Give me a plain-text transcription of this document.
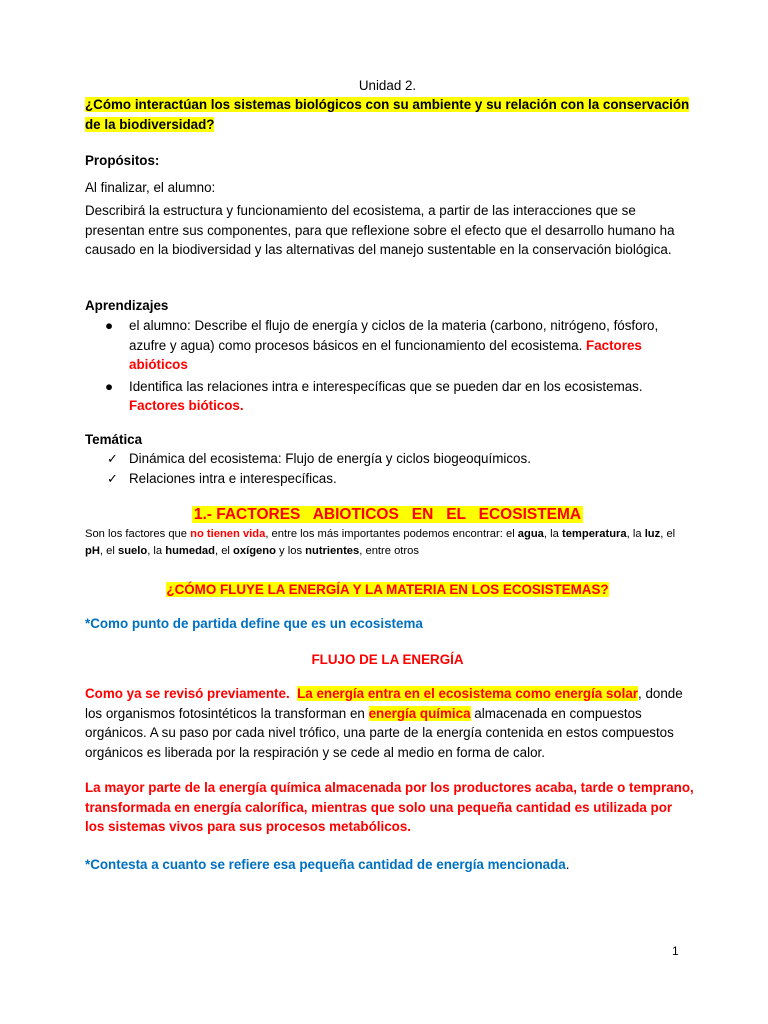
Unidad 2.
¿Cómo interactúan los sistemas biológicos con su ambiente y su relación con la conservación de la biodiversidad?
Propósitos:
Al finalizar, el alumno:
Describirá la estructura y funcionamiento del ecosistema, a partir de las interacciones que se presentan entre sus componentes, para que reflexione sobre el efecto que el desarrollo humano ha causado en la biodiversidad y las alternativas del manejo sustentable en la conservación biológica.
Aprendizajes
● el alumno: Describe el flujo de energía y ciclos de la materia (carbono, nitrógeno, fósforo, azufre y agua) como procesos básicos en el funcionamiento del ecosistema. Factores abióticos
● Identifica las relaciones intra e interespecíficas que se pueden dar en los ecosistemas. Factores bióticos.
Temática
✓ Dinámica del ecosistema: Flujo de energía y ciclos biogeoquímicos.
✓ Relaciones intra e interespecíficas.
1.- FACTORES   ABIOTICOS   EN   EL   ECOSISTEMA
Son los factores que no tienen vida, entre los más importantes podemos encontrar: el agua, la temperatura, la luz, el pH, el suelo, la humedad, el oxígeno y los nutrientes, entre otros
¿CÓMO FLUYE LA ENERGÍA Y LA MATERIA EN LOS ECOSISTEMAS?
*Como punto de partida define que es un ecosistema
FLUJO DE LA ENERGÍA
Como ya se revisó previamente. La energía entra en el ecosistema como energía solar, donde los organismos fotosintéticos la transforman en energía química almacenada en compuestos orgánicos. A su paso por cada nivel trófico, una parte de la energía contenida en estos compuestos orgánicos es liberada por la respiración y se cede al medio en forma de calor.
La mayor parte de la energía química almacenada por los productores acaba, tarde o temprano, transformada en energía calorífica, mientras que solo una pequeña cantidad es utilizada por los sistemas vivos para sus procesos metabólicos.
*Contesta a cuanto se refiere esa pequeña cantidad de energía mencionada.
1
